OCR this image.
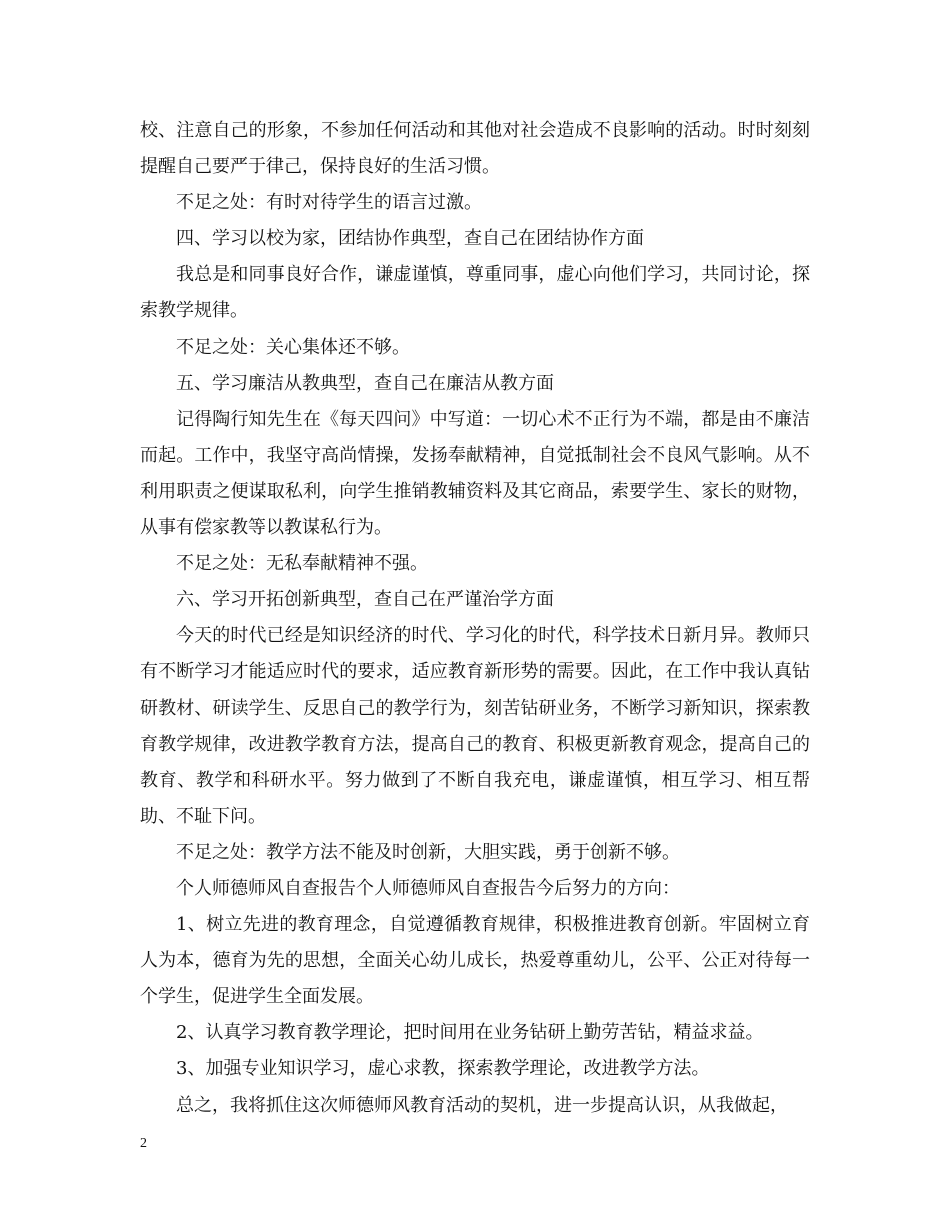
校、注意自己的形象，不参加任何活动和其他对社会造成不良影响的活动。时时刻刻提醒自己要严于律己，保持良好的生活习惯。

不足之处：有时对待学生的语言过激。

四、学习以校为家，团结协作典型，查自己在团结协作方面

我总是和同事良好合作，谦虚谨慎，尊重同事，虚心向他们学习，共同讨论，探索教学规律。

不足之处：关心集体还不够。

五、学习廉洁从教典型，查自己在廉洁从教方面

记得陶行知先生在《每天四问》中写道：一切心术不正行为不端，都是由不廉洁而起。工作中，我坚守高尚情操，发扬奉献精神，自觉抵制社会不良风气影响。从不利用职责之便谋取私利，向学生推销教辅资料及其它商品，索要学生、家长的财物，从事有偿家教等以教谋私行为。

不足之处：无私奉献精神不强。

六、学习开拓创新典型，查自己在严谨治学方面

今天的时代已经是知识经济的时代、学习化的时代，科学技术日新月异。教师只有不断学习才能适应时代的要求，适应教育新形势的需要。因此，在工作中我认真钻研教材、研读学生、反思自己的教学行为，刻苦钻研业务，不断学习新知识，探索教育教学规律，改进教学教育方法，提高自己的教育、积极更新教育观念，提高自己的教育、教学和科研水平。努力做到了不断自我充电，谦虚谨慎，相互学习、相互帮助、不耻下问。

不足之处：教学方法不能及时创新，大胆实践，勇于创新不够。

个人师德师风自查报告个人师德师风自查报告今后努力的方向：

1、树立先进的教育理念，自觉遵循教育规律，积极推进教育创新。牢固树立育人为本，德育为先的思想，全面关心幼儿成长，热爱尊重幼儿，公平、公正对待每一个学生，促进学生全面发展。

2、认真学习教育教学理论，把时间用在业务钻研上勤劳苦钻，精益求益。

3、加强专业知识学习，虚心求教，探索教学理论，改进教学方法。

总之，我将抓住这次师德师风教育活动的契机，进一步提高认识，从我做起，

2
